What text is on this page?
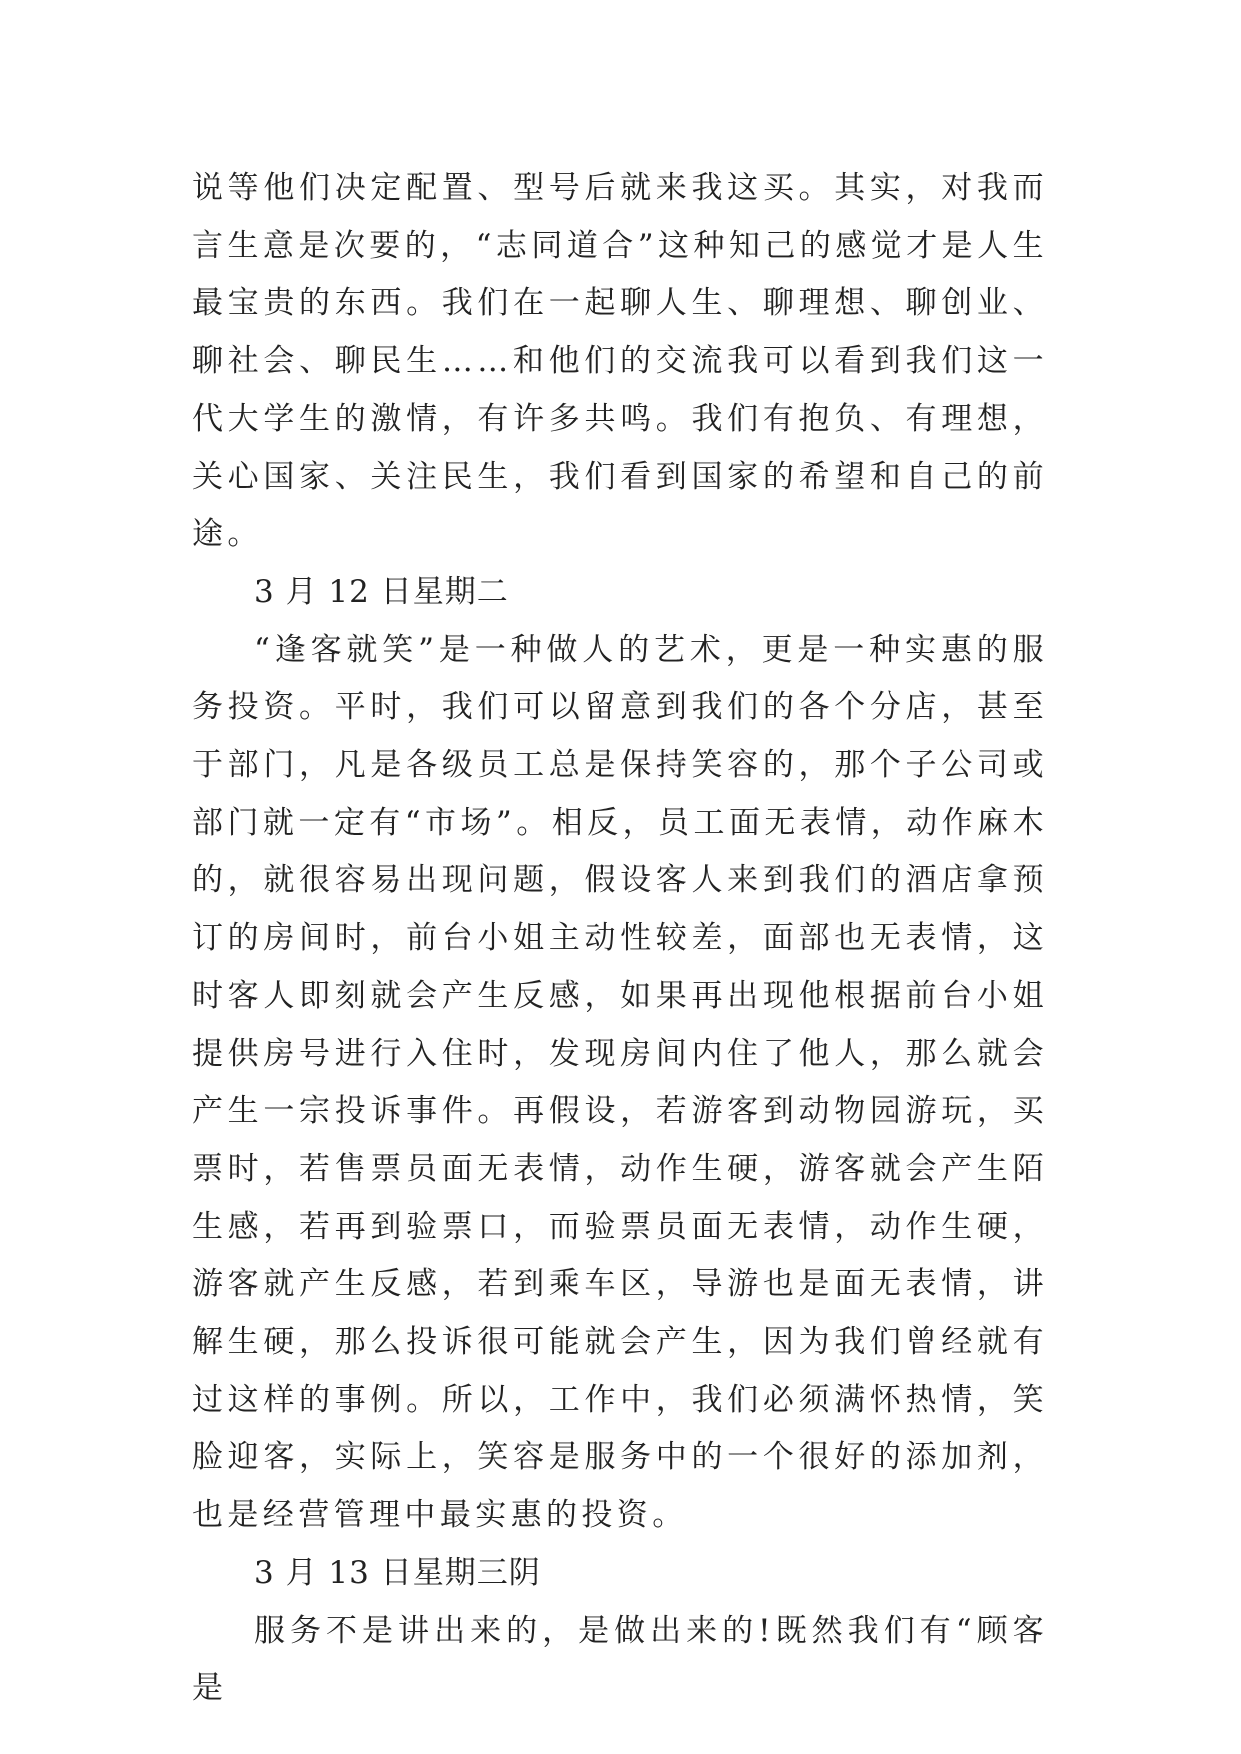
说等他们决定配置、型号后就来我这买。其实，对我而言生意是次要的，“志同道合”这种知己的感觉才是人生最宝贵的东西。我们在一起聊人生、聊理想、聊创业、聊社会、聊民生……和他们的交流我可以看到我们这一代大学生的激情，有许多共鸣。我们有抱负、有理想，关心国家、关注民生，我们看到国家的希望和自己的前途。

3 月 12 日星期二

“逢客就笑”是一种做人的艺术，更是一种实惠的服务投资。平时，我们可以留意到我们的各个分店，甚至于部门，凡是各级员工总是保持笑容的，那个子公司或部门就一定有“市场”。相反，员工面无表情，动作麻木的，就很容易出现问题，假设客人来到我们的酒店拿预订的房间时，前台小姐主动性较差，面部也无表情，这时客人即刻就会产生反感，如果再出现他根据前台小姐提供房号进行入住时，发现房间内住了他人，那么就会产生一宗投诉事件。再假设，若游客到动物园游玩，买票时，若售票员面无表情，动作生硬，游客就会产生陌生感，若再到验票口，而验票员面无表情，动作生硬，游客就产生反感，若到乘车区，导游也是面无表情，讲解生硬，那么投诉很可能就会产生，因为我们曾经就有过这样的事例。所以，工作中，我们必须满怀热情，笑脸迎客，实际上，笑容是服务中的一个很好的添加剂，也是经营管理中最实惠的投资。

3 月 13 日星期三阴

服务不是讲出来的，是做出来的!既然我们有“顾客是
